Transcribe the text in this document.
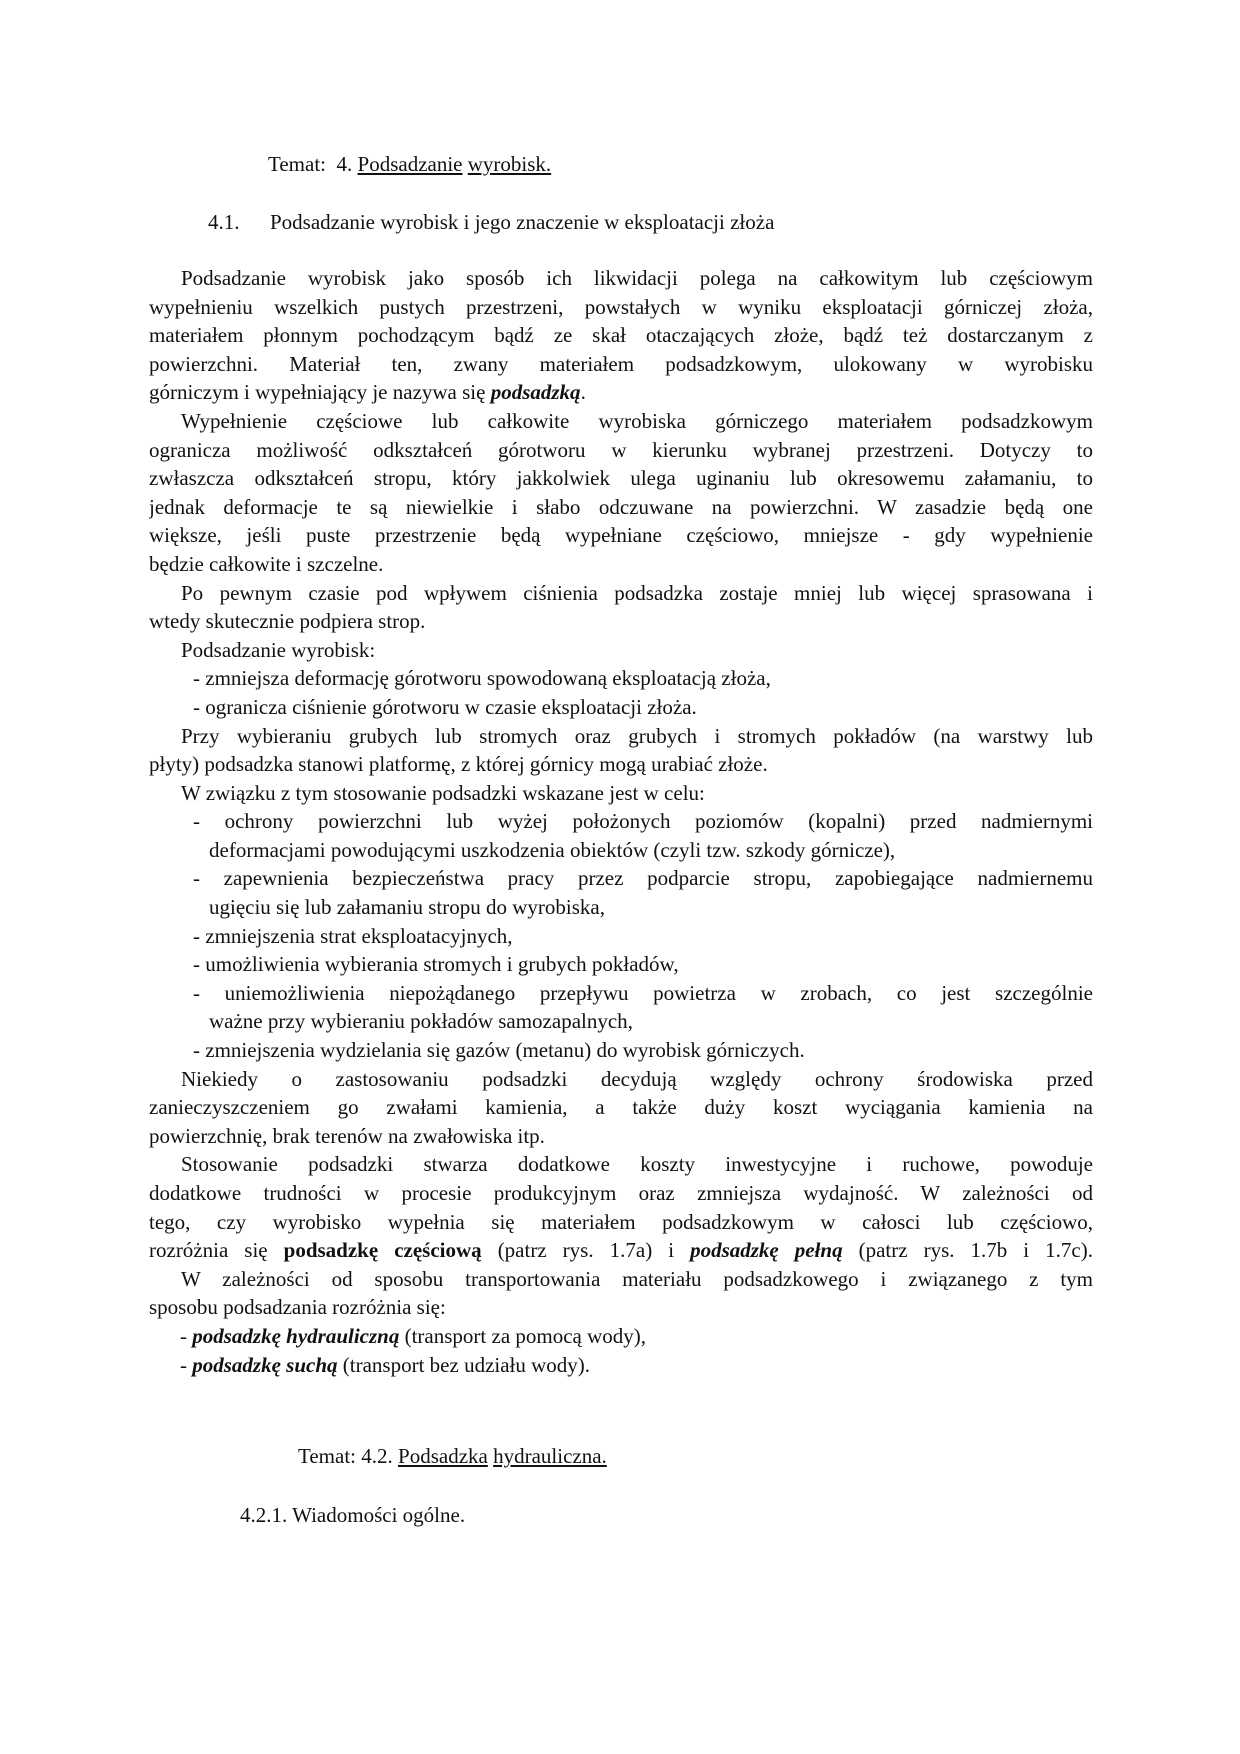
Temat:  4. Podsadzanie wyrobisk.
4.1. Podsadzanie wyrobisk i jego znaczenie w eksploatacji złoża
Podsadzanie wyrobisk jako sposób ich likwidacji polega na całkowitym lub częściowym
wypełnieniu wszelkich pustych przestrzeni, powstałych w wyniku eksploatacji górniczej złoża,
materiałem płonnym pochodzącym bądź ze skał otaczających złoże, bądź też dostarczanym z
powierzchni. Materiał ten, zwany materiałem podsadzkowym, ulokowany w wyrobisku
górniczym i wypełniający je nazywa się podsadzką.
Wypełnienie częściowe lub całkowite wyrobiska górniczego materiałem podsadzkowym
ogranicza możliwość odkształceń górotworu w kierunku wybranej przestrzeni. Dotyczy to
zwłaszcza odkształceń stropu, który jakkolwiek ulega uginaniu lub okresowemu załamaniu, to
jednak deformacje te są niewielkie i słabo odczuwane na powierzchni. W zasadzie będą one
większe, jeśli puste przestrzenie będą wypełniane częściowo, mniejsze - gdy wypełnienie
będzie całkowite i szczelne.
Po pewnym czasie pod wpływem ciśnienia podsadzka zostaje mniej lub więcej sprasowana i
wtedy skutecznie podpiera strop.
Podsadzanie wyrobisk:
- zmniejsza deformację górotworu spowodowaną eksploatacją złoża,
- ogranicza ciśnienie górotworu w czasie eksploatacji złoża.
Przy wybieraniu grubych lub stromych oraz grubych i stromych pokładów (na warstwy lub
płyty) podsadzka stanowi platformę, z której górnicy mogą urabiać złoże.
W związku z tym stosowanie podsadzki wskazane jest w celu:
- ochrony powierzchni lub wyżej położonych poziomów (kopalni) przed nadmiernymi
deformacjami powodującymi uszkodzenia obiektów (czyli tzw. szkody górnicze),
- zapewnienia bezpieczeństwa pracy przez podparcie stropu, zapobiegające nadmiernemu
ugięciu się lub załamaniu stropu do wyrobiska,
- zmniejszenia strat eksploatacyjnych,
- umożliwienia wybierania stromych i grubych pokładów,
- uniemożliwienia niepożądanego przepływu powietrza w zrobach, co jest szczególnie
ważne przy wybieraniu pokładów samozapalnych,
- zmniejszenia wydzielania się gazów (metanu) do wyrobisk górniczych.
Niekiedy o zastosowaniu podsadzki decydują względy ochrony środowiska przed
zanieczyszczeniem go zwałami kamienia, a także duży koszt wyciągania kamienia na
powierzchnię, brak terenów na zwałowiska itp.
Stosowanie podsadzki stwarza dodatkowe koszty inwestycyjne i ruchowe, powoduje
dodatkowe trudności w procesie produkcyjnym oraz zmniejsza wydajność. W zależności od
tego, czy wyrobisko wypełnia się materiałem podsadzkowym w całosci lub częściowo,
rozróżnia się podsadzkę częściową (patrz rys. 1.7a) i podsadzkę pełną (patrz rys. 1.7b i 1.7c).
W zależności od sposobu transportowania materiału podsadzkowego i związanego z tym
sposobu podsadzania rozróżnia się:
- podsadzkę hydrauliczną (transport za pomocą wody),
- podsadzkę suchą (transport bez udziału wody).
Temat: 4.2. Podsadzka hydrauliczna.
4.2.1. Wiadomości ogólne.
